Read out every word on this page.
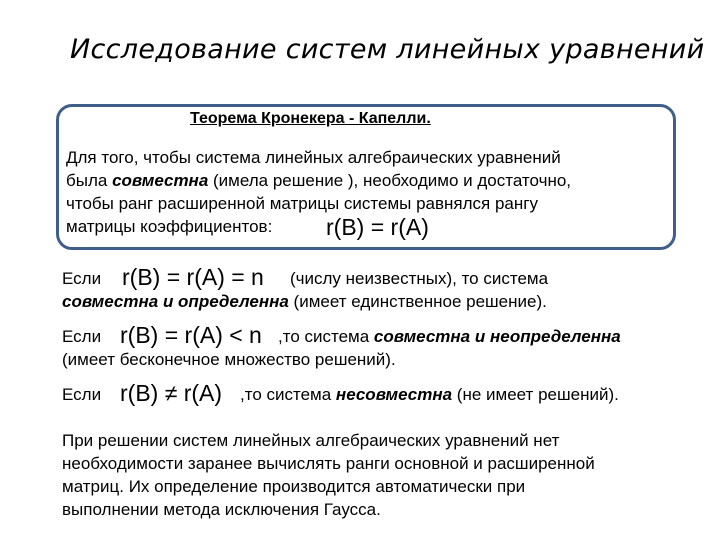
Исследование систем линейных уравнений
Теорема Кронекера - Капелли.
Для того, чтобы система линейных алгебраических уравнений
была совместна (имела решение ), необходимо и достаточно,
чтобы ранг расширенной матрицы системы равнялся рангу
матрицы коэффициентов: r(B) = r(A)
Если r(B) = r(A) = n (числу неизвестных), то система
совместна и определенна (имеет единственное решение).
Если r(B) = r(A) < n ,то система совместна и неопределенна
(имеет бесконечное множество решений).
Если r(B) ≠ r(A) ,то система несовместна (не имеет решений).
При решении систем линейных алгебраических уравнений нет
необходимости заранее вычислять ранги основной и расширенной
матриц. Их определение производится автоматически при
выполнении метода исключения Гаусса.
